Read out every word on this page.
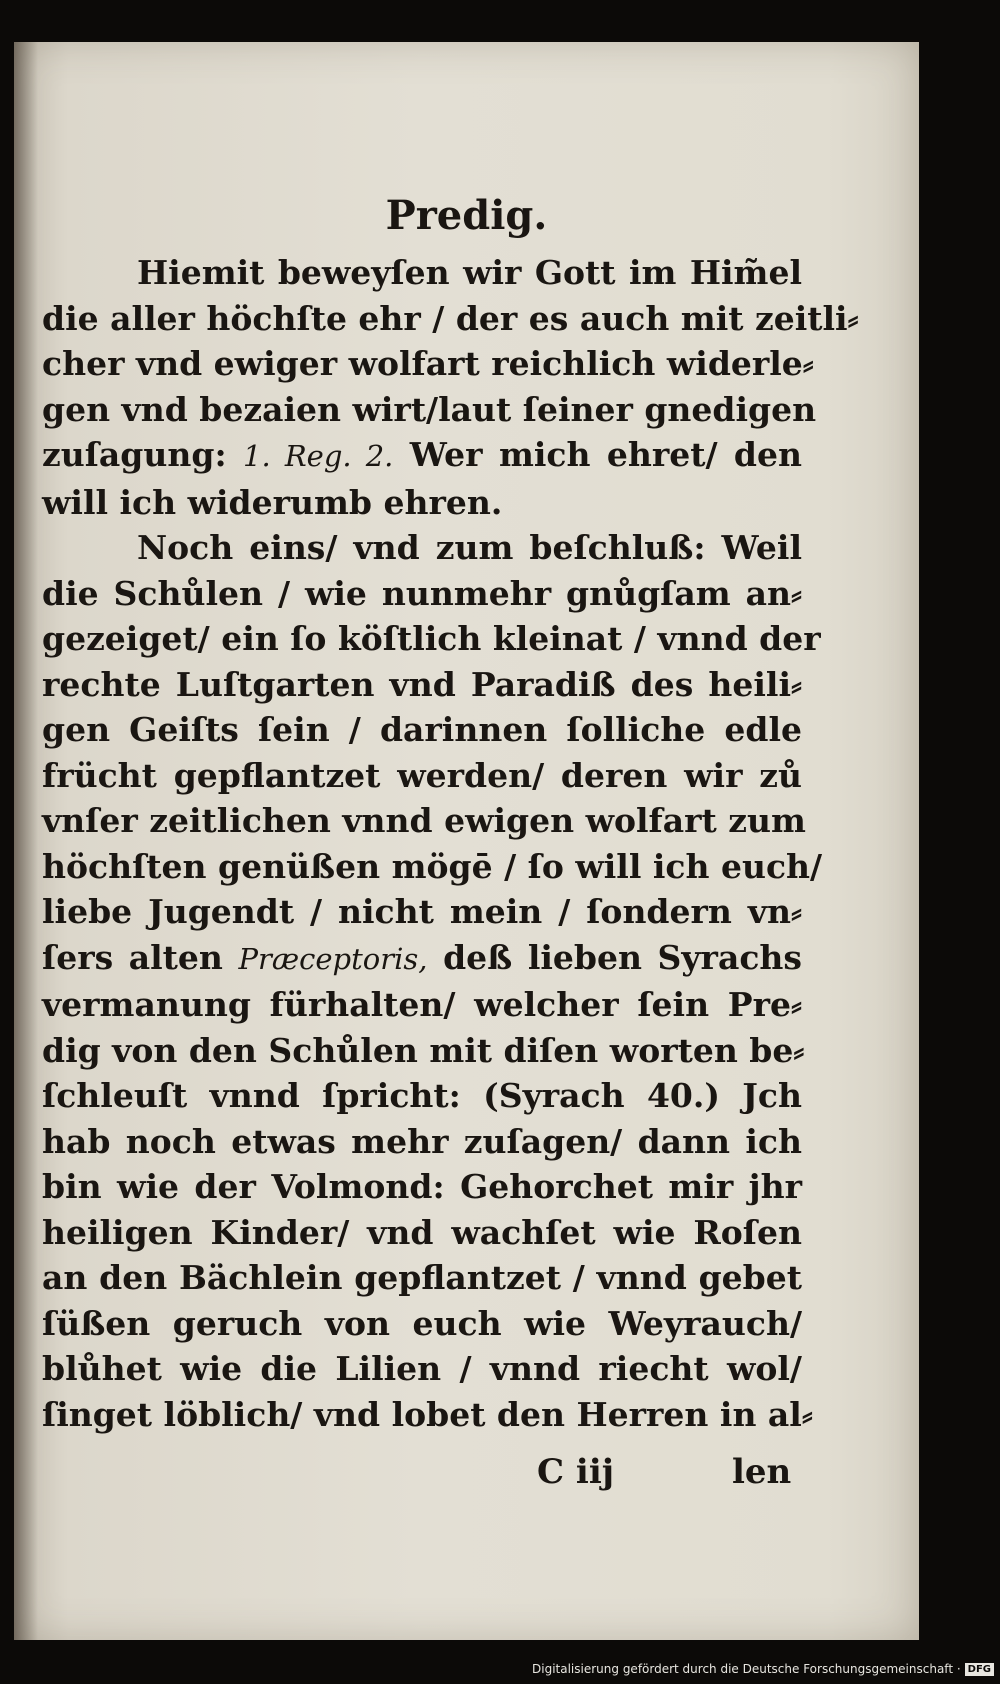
Predig.
Hiemit beweyſen wir Gott im Him̃el
die aller höchſte ehr / der es auch mit zeitli⸗
cher vnd ewiger wolfart reichlich widerle⸗
gen vnd bezaien wirt/laut ſeiner gnedigen
zuſagung: 1. Reg. 2. Wer mich ehret/ den
will ich widerumb ehren.
Noch eins/ vnd zum beſchluß: Weil
die Schůlen / wie nunmehr gnůgſam an⸗
gezeiget/ ein ſo köſtlich kleinat / vnnd der
rechte Luſtgarten vnd Paradiß des heili⸗
gen Geiſts ſein / darinnen ſolliche edle
frücht gepflantzet werden/ deren wir zů
vnſer zeitlichen vnnd ewigen wolfart zum
höchſten genüßen mögē / ſo will ich euch/
liebe Jugendt / nicht mein / ſondern vn⸗
ſers alten Præceptoris, deß lieben Syrachs
vermanung fürhalten/ welcher ſein Pre⸗
dig von den Schůlen mit diſen worten be⸗
ſchleuſt vnnd ſpricht: (Syrach 40.) Jch
hab noch etwas mehr zuſagen/ dann ich
bin wie der Volmond: Gehorchet mir jhr
heiligen Kinder/ vnd wachſet wie Roſen
an den Bächlein gepflantzet / vnnd gebet
ſüßen geruch von euch wie Weyrauch/
blůhet wie die Lilien / vnnd riecht wol/
ſinget löblich/ vnd lobet den Herren in al⸗
C iij	len
Digitalisierung gefördert durch die Deutsche Forschungsgemeinschaft · DFG
